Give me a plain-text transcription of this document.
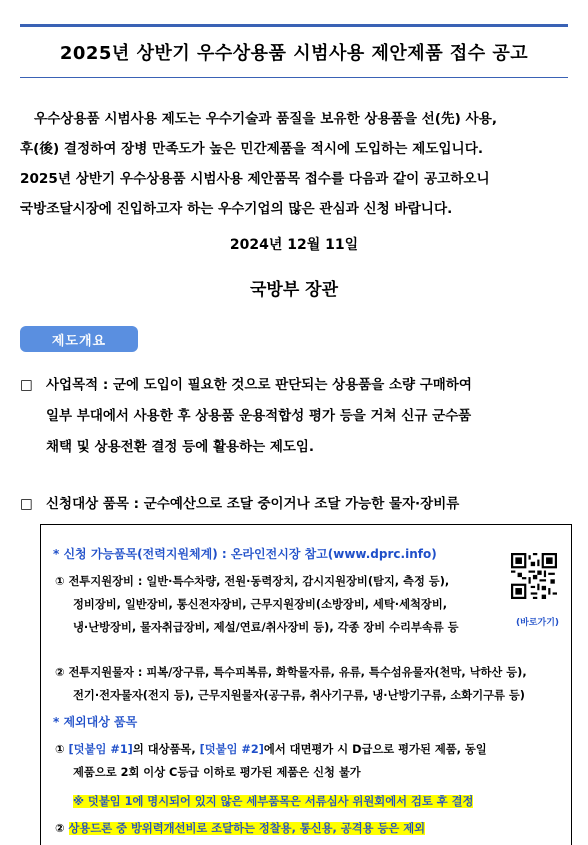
2025년 상반기 우수상용품 시범사용 제안제품 접수 공고
우수상용품 시범사용 제도는 우수기술과 품질을 보유한 상용품을 선(先) 사용,
후(後) 결정하여 장병 만족도가 높은 민간제품을 적시에 도입하는 제도입니다.
2025년 상반기 우수상용품 시범사용 제안품목 접수를 다음과 같이 공고하오니
국방조달시장에 진입하고자 하는 우수기업의 많은 관심과 신청 바랍니다.
2024년 12월 11일
국방부 장관
제도개요
□ 사업목적 : 군에 도입이 필요한 것으로 판단되는 상용품을 소량 구매하여
일부 부대에서 사용한 후 상용품 운용적합성 평가 등을 거쳐 신규 군수품
채택 및 상용전환 결정 등에 활용하는 제도임.
□ 신청대상 품목 : 군수예산으로 조달 중이거나 조달 가능한 물자·장비류
* 신청 가능품목(전력지원체계) : 온라인전시장 참고(www.dprc.info)
① 전투지원장비 : 일반·특수차량, 전원·동력장치, 감시지원장비(탐지, 측정 등),
정비장비, 일반장비, 통신전자장비, 근무지원장비(소방장비, 세탁·세척장비,
냉·난방장비, 물자취급장비, 제설/연료/취사장비 등), 각종 장비 수리부속류 등	(바로가기)
② 전투지원물자 : 피복/장구류, 특수피복류, 화학물자류, 유류, 특수섬유물자(천막, 낙하산 등),
전기·전자물자(전지 등), 근무지원물자(공구류, 취사기구류, 냉·난방기구류, 소화기구류 등)
* 제외대상 품목
① [덧붙임 #1]의 대상품목, [덧붙임 #2]에서 대면평가 시 D급으로 평가된 제품, 동일
제품으로 2회 이상 C등급 이하로 평가된 제품은 신청 불가
※ 덧붙임 1에 명시되어 있지 않은 세부품목은 서류심사 위원회에서 검토 후 결정
② 상용드론 중 방위력개선비로 조달하는 정찰용, 통신용, 공격용 등은 제외
